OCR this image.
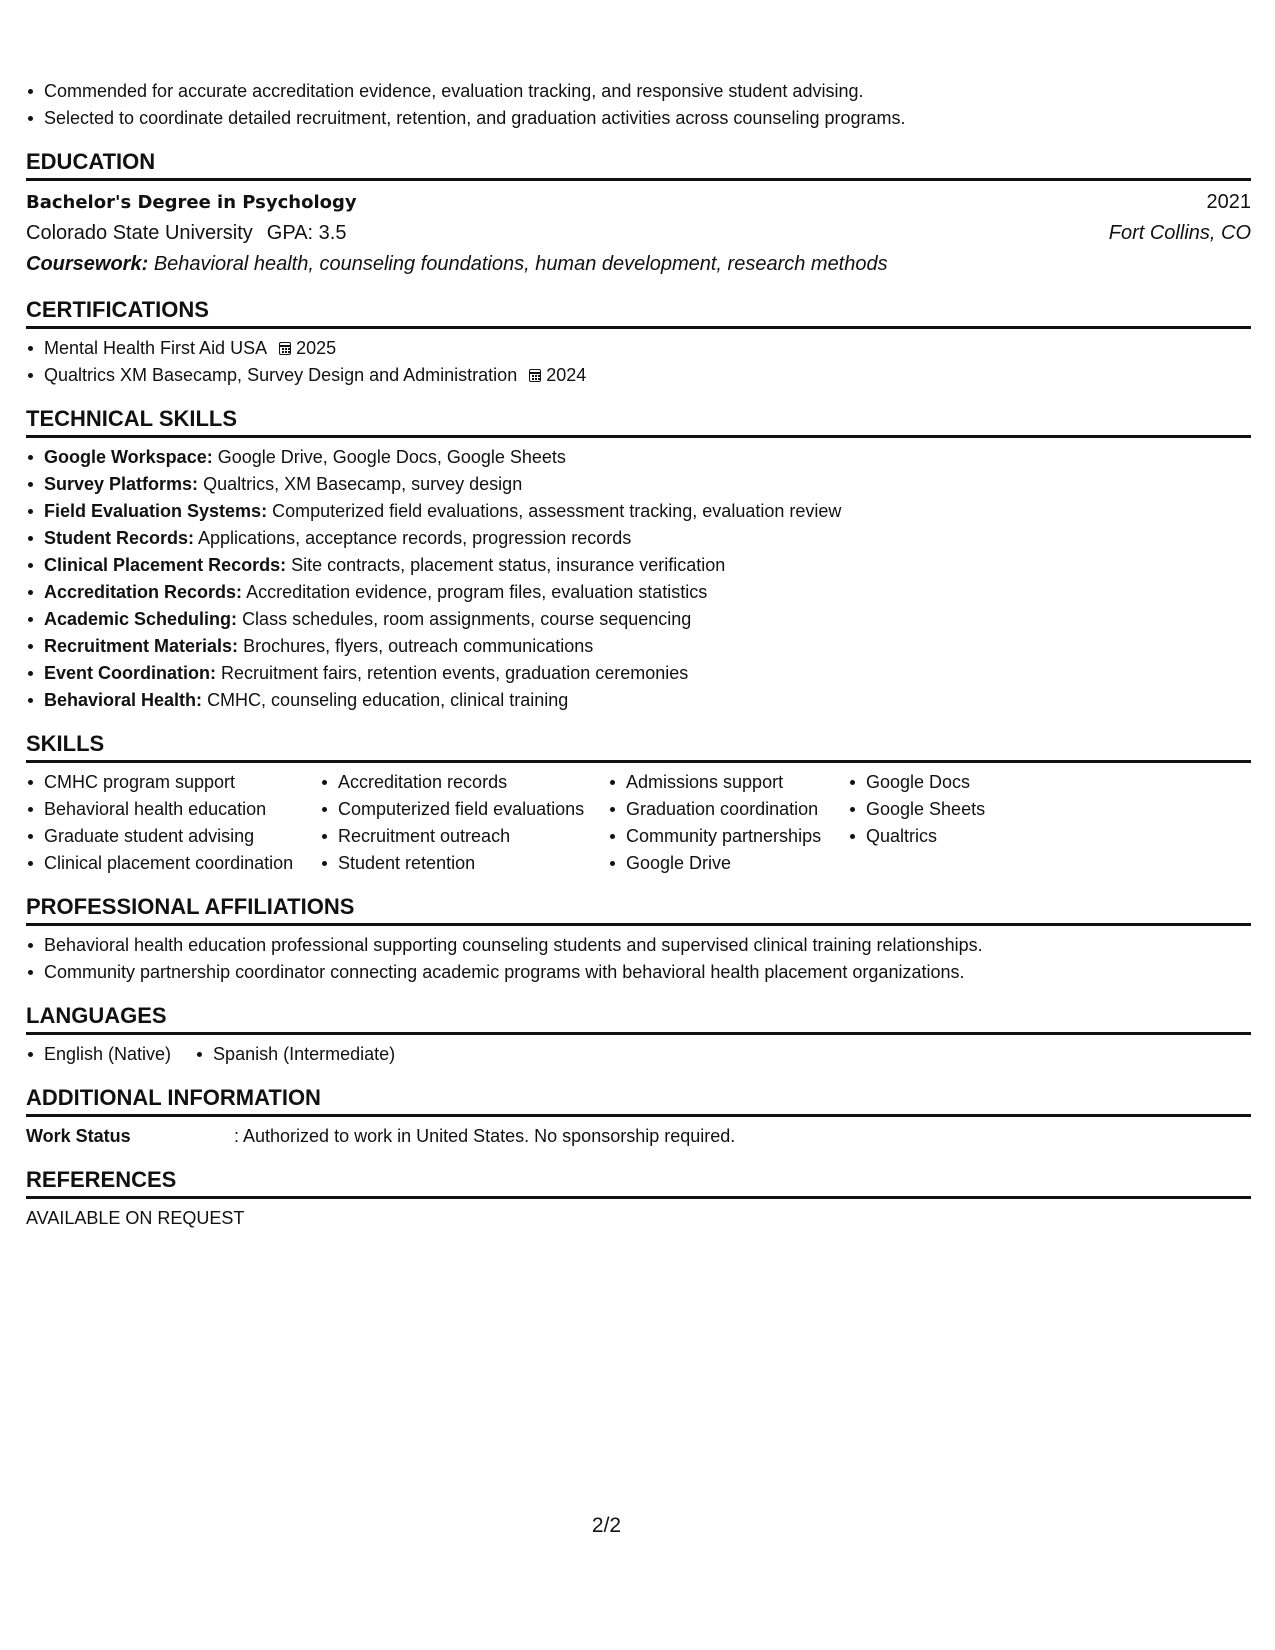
Commended for accurate accreditation evidence, evaluation tracking, and responsive student advising.
Selected to coordinate detailed recruitment, retention, and graduation activities across counseling programs.
EDUCATION
Bachelor's Degree in Psychology	2021
Colorado State University GPA: 3.5	Fort Collins, CO
Coursework: Behavioral health, counseling foundations, human development, research methods
CERTIFICATIONS
Mental Health First Aid USA 2025
Qualtrics XM Basecamp, Survey Design and Administration 2024
TECHNICAL SKILLS
Google Workspace: Google Drive, Google Docs, Google Sheets
Survey Platforms: Qualtrics, XM Basecamp, survey design
Field Evaluation Systems: Computerized field evaluations, assessment tracking, evaluation review
Student Records: Applications, acceptance records, progression records
Clinical Placement Records: Site contracts, placement status, insurance verification
Accreditation Records: Accreditation evidence, program files, evaluation statistics
Academic Scheduling: Class schedules, room assignments, course sequencing
Recruitment Materials: Brochures, flyers, outreach communications
Event Coordination: Recruitment fairs, retention events, graduation ceremonies
Behavioral Health: CMHC, counseling education, clinical training
SKILLS
CMHC program support
Behavioral health education
Graduate student advising
Clinical placement coordination
Accreditation records
Computerized field evaluations
Recruitment outreach
Student retention
Admissions support
Graduation coordination
Community partnerships
Google Drive
Google Docs
Google Sheets
Qualtrics
PROFESSIONAL AFFILIATIONS
Behavioral health education professional supporting counseling students and supervised clinical training relationships.
Community partnership coordinator connecting academic programs with behavioral health placement organizations.
LANGUAGES
English (Native)	Spanish (Intermediate)
ADDITIONAL INFORMATION
Work Status	: Authorized to work in United States. No sponsorship required.
REFERENCES
AVAILABLE ON REQUEST
2/2
